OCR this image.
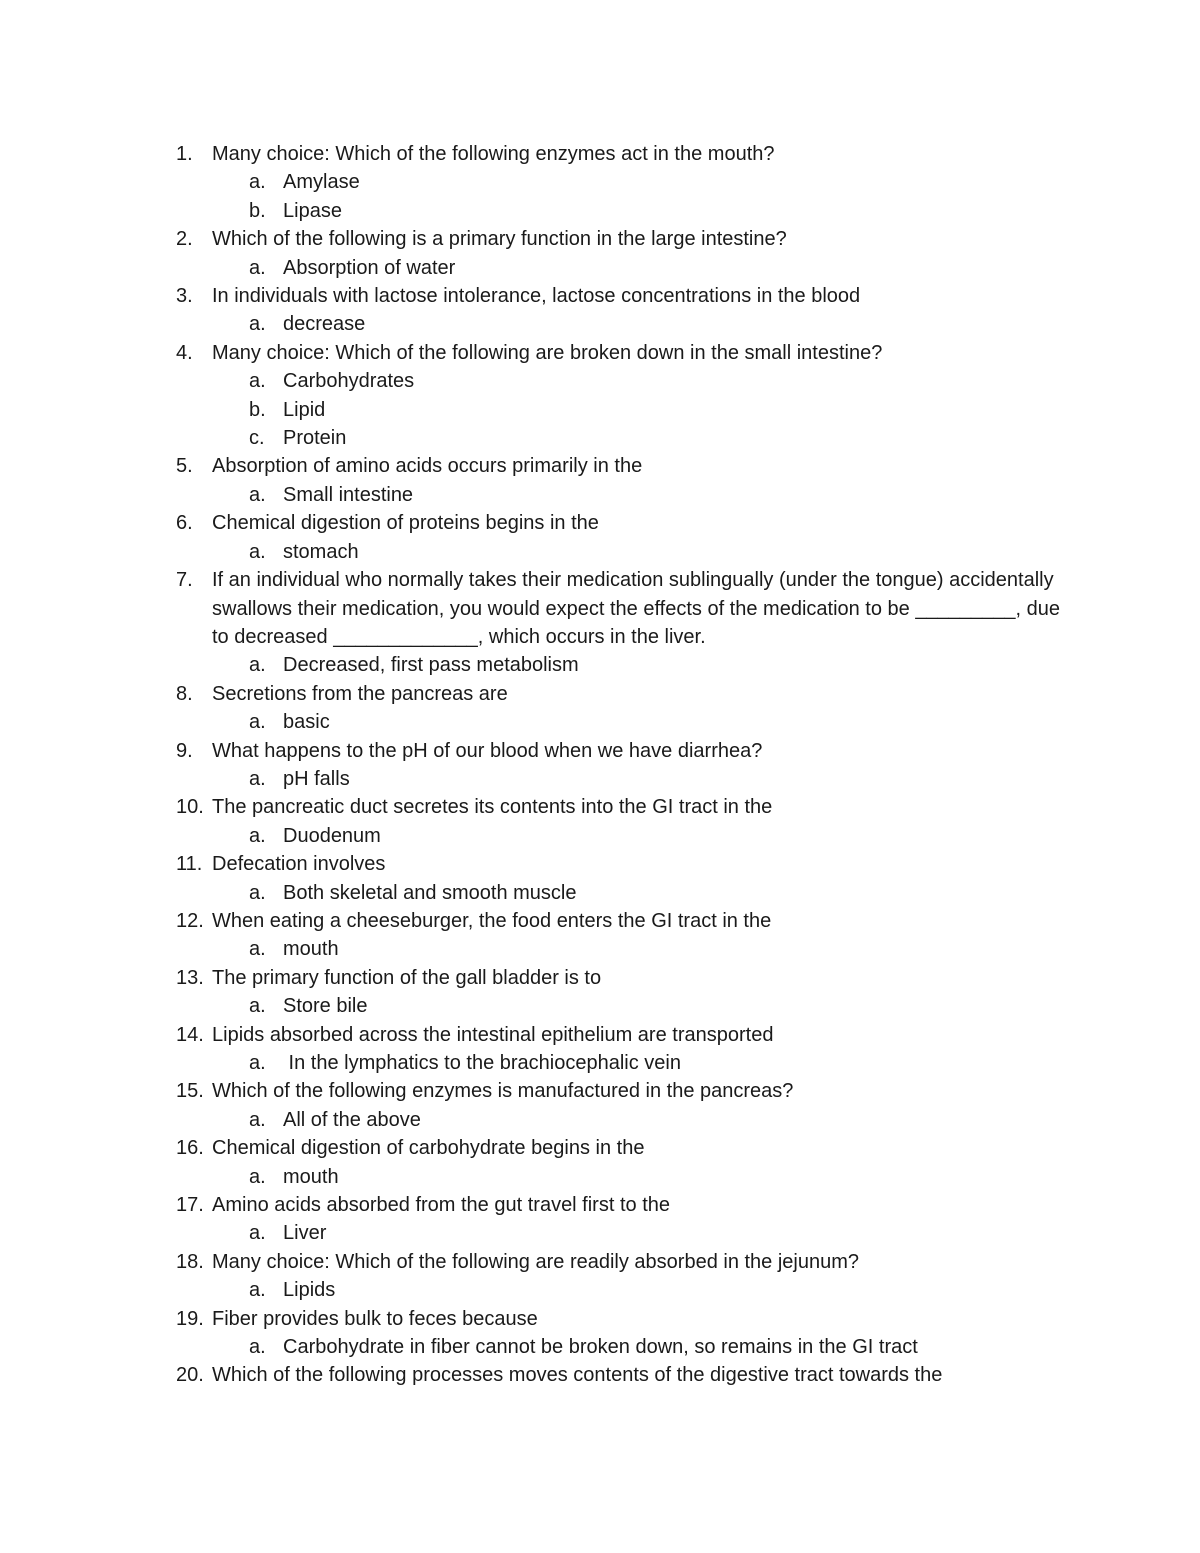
1. Many choice: Which of the following enzymes act in the mouth?
a. Amylase
b. Lipase
2. Which of the following is a primary function in the large intestine?
a. Absorption of water
3. In individuals with lactose intolerance, lactose concentrations in the blood
a. decrease
4. Many choice: Which of the following are broken down in the small intestine?
a. Carbohydrates
b. Lipid
c. Protein
5. Absorption of amino acids occurs primarily in the
a. Small intestine
6. Chemical digestion of proteins begins in the
a. stomach
7. If an individual who normally takes their medication sublingually (under the tongue) accidentally swallows their medication, you would expect the effects of the medication to be _________, due to decreased _____________, which occurs in the liver.
a. Decreased, first pass metabolism
8. Secretions from the pancreas are
a. basic
9. What happens to the pH of our blood when we have diarrhea?
a. pH falls
10. The pancreatic duct secretes its contents into the GI tract in the
a. Duodenum
11. Defecation involves
a. Both skeletal and smooth muscle
12. When eating a cheeseburger, the food enters the GI tract in the
a. mouth
13. The primary function of the gall bladder is to
a. Store bile
14. Lipids absorbed across the intestinal epithelium are transported
a. In the lymphatics to the brachiocephalic vein
15. Which of the following enzymes is manufactured in the pancreas?
a. All of the above
16. Chemical digestion of carbohydrate begins in the
a. mouth
17. Amino acids absorbed from the gut travel first to the
a. Liver
18. Many choice: Which of the following are readily absorbed in the jejunum?
a. Lipids
19. Fiber provides bulk to feces because
a. Carbohydrate in fiber cannot be broken down, so remains in the GI tract
20. Which of the following processes moves contents of the digestive tract towards the
